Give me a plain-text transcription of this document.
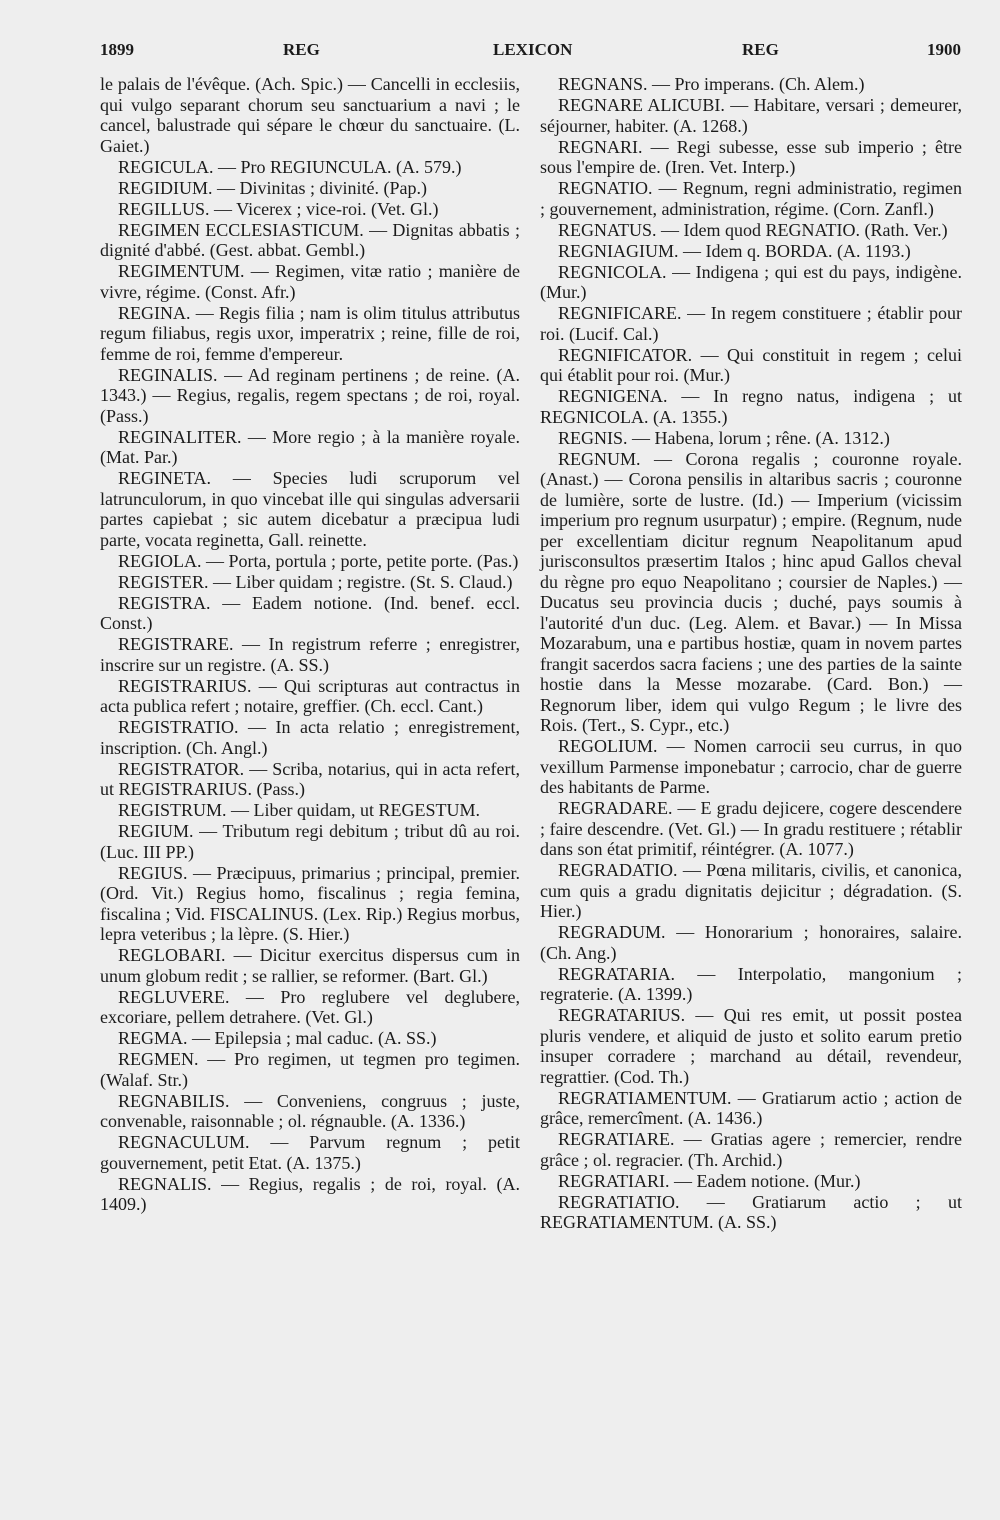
1899	REG	LEXICON	REG	1900

le palais de l'évêque. (Ach. Spic.) — Cancelli in ecclesiis, qui vulgo separant chorum seu sanctuarium a navi ; le cancel, balustrade qui sépare le chœur du sanctuaire. (L. Gaiet.)

REGICULA. — Pro REGIUNCULA. (A. 579.)

REGIDIUM. — Divinitas ; divinité. (Pap.)

REGILLUS. — Vicerex ; vice-roi. (Vet. Gl.)

REGIMEN ECCLESIASTICUM. — Dignitas abbatis ; dignité d'abbé. (Gest. abbat. Gembl.)

REGIMENTUM. — Regimen, vitæ ratio ; manière de vivre, régime. (Const. Afr.)

REGINA. — Regis filia ; nam is olim titulus attributus regum filiabus, regis uxor, imperatrix ; reine, fille de roi, femme de roi, femme d'empereur.

REGINALIS. — Ad reginam pertinens ; de reine. (A. 1343.) — Regius, regalis, regem spectans ; de roi, royal. (Pass.)

REGINALITER. — More regio ; à la manière royale. (Mat. Par.)

REGINETA. — Species ludi scruporum vel latrunculorum, in quo vincebat ille qui singulas adversarii partes capiebat ; sic autem dicebatur a præcipua ludi parte, vocata reginetta, Gall. reinette.

REGIOLA. — Porta, portula ; porte, petite porte. (Pas.)

REGISTER. — Liber quidam ; registre. (St. S. Claud.)

REGISTRA. — Eadem notione. (Ind. benef. eccl. Const.)

REGISTRARE. — In registrum referre ; enregistrer, inscrire sur un registre. (A. SS.)

REGISTRARIUS. — Qui scripturas aut contractus in acta publica refert ; notaire, greffier. (Ch. eccl. Cant.)

REGISTRATIO. — In acta relatio ; enregistrement, inscription. (Ch. Angl.)

REGISTRATOR. — Scriba, notarius, qui in acta refert, ut REGISTRARIUS. (Pass.)

REGISTRUM. — Liber quidam, ut REGESTUM.

REGIUM. — Tributum regi debitum ; tribut dû au roi. (Luc. III PP.)

REGIUS. — Præcipuus, primarius ; principal, premier. (Ord. Vit.) Regius homo, fiscalinus ; regia femina, fiscalina ; Vid. FISCALINUS. (Lex. Rip.) Regius morbus, lepra veteribus ; la lèpre. (S. Hier.)

REGLOBARI. — Dicitur exercitus dispersus cum in unum globum redit ; se rallier, se reformer. (Bart. Gl.)

REGLUVERE. — Pro reglubere vel deglubere, excoriare, pellem detrahere. (Vet. Gl.)

REGMA. — Epilepsia ; mal caduc. (A. SS.)

REGMEN. — Pro regimen, ut tegmen pro tegimen. (Walaf. Str.)

REGNABILIS. — Conveniens, congruus ; juste, convenable, raisonnable ; ol. régnauble. (A. 1336.)

REGNACULUM. — Parvum regnum ; petit gouvernement, petit Etat. (A. 1375.)

REGNALIS. — Regius, regalis ; de roi, royal. (A. 1409.)

REGNANS. — Pro imperans. (Ch. Alem.)

REGNARE ALICUBI. — Habitare, versari ; demeurer, séjourner, habiter. (A. 1268.)

REGNARI. — Regi subesse, esse sub imperio ; être sous l'empire de. (Iren. Vet. Interp.)

REGNATIO. — Regnum, regni administratio, regimen ; gouvernement, administration, régime. (Corn. Zanfl.)

REGNATUS. — Idem quod REGNATIO. (Rath. Ver.)

REGNIAGIUM. — Idem q. BORDA. (A. 1193.)

REGNICOLA. — Indigena ; qui est du pays, indigène. (Mur.)

REGNIFICARE. — In regem constituere ; établir pour roi. (Lucif. Cal.)

REGNIFICATOR. — Qui constituit in regem ; celui qui établit pour roi. (Mur.)

REGNIGENA. — In regno natus, indigena ; ut REGNICOLA. (A. 1355.)

REGNIS. — Habena, lorum ; rêne. (A. 1312.)

REGNUM. — Corona regalis ; couronne royale. (Anast.) — Corona pensilis in altaribus sacris ; couronne de lumière, sorte de lustre. (Id.) — Imperium (vicissim imperium pro regnum usurpatur) ; empire. (Regnum, nude per excellentiam dicitur regnum Neapolitanum apud jurisconsultos præsertim Italos ; hinc apud Gallos cheval du règne pro equo Neapolitano ; coursier de Naples.) — Ducatus seu provincia ducis ; duché, pays soumis à l'autorité d'un duc. (Leg. Alem. et Bavar.) — In Missa Mozarabum, una e partibus hostiæ, quam in novem partes frangit sacerdos sacra faciens ; une des parties de la sainte hostie dans la Messe mozarabe. (Card. Bon.) — Regnorum liber, idem qui vulgo Regum ; le livre des Rois. (Tert., S. Cypr., etc.)

REGOLIUM. — Nomen carrocii seu currus, in quo vexillum Parmense imponebatur ; carrocio, char de guerre des habitants de Parme.

REGRADARE. — E gradu dejicere, cogere descendere ; faire descendre. (Vet. Gl.) — In gradu restituere ; rétablir dans son état primitif, réintégrer. (A. 1077.)

REGRADATIO. — Pœna militaris, civilis, et canonica, cum quis a gradu dignitatis dejicitur ; dégradation. (S. Hier.)

REGRADUM. — Honorarium ; honoraires, salaire. (Ch. Ang.)

REGRATARIA. — Interpolatio, mangonium ; regraterie. (A. 1399.)

REGRATARIUS. — Qui res emit, ut possit postea pluris vendere, et aliquid de justo et solito earum pretio insuper corradere ; marchand au détail, revendeur, regrattier. (Cod. Th.)

REGRATIAMENTUM. — Gratiarum actio ; action de grâce, remercîment. (A. 1436.)

REGRATIARE. — Gratias agere ; remercier, rendre grâce ; ol. regracier. (Th. Archid.)

REGRATIARI. — Eadem notione. (Mur.)

REGRATIATIO. — Gratiarum actio ; ut REGRATIAMENTUM. (A. SS.)
